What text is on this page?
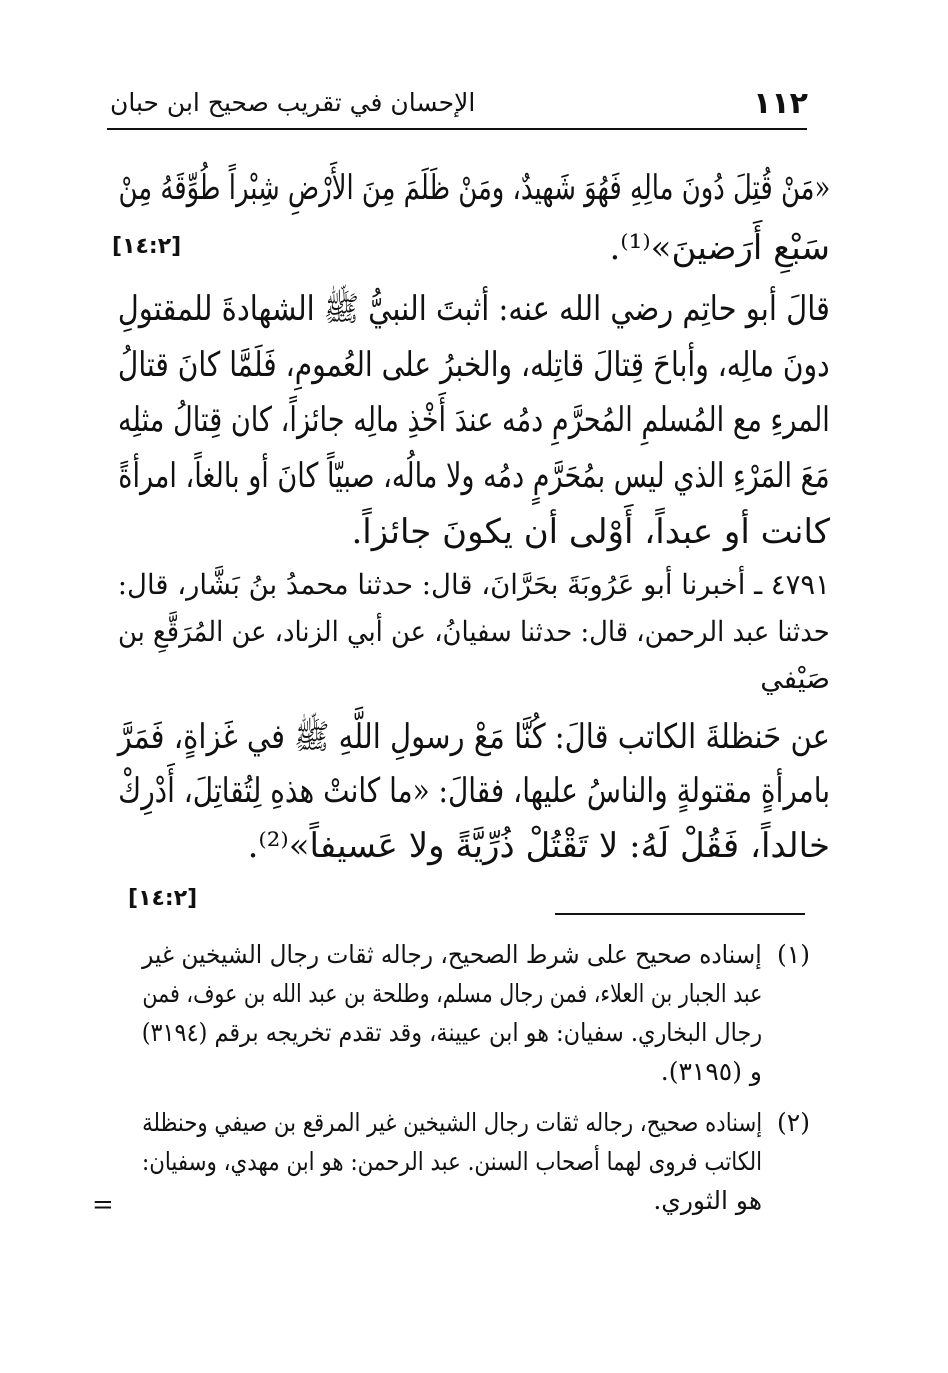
١١٢
الإحسان في تقريب صحيح ابن حبان
«مَنْ قُتِلَ دُونَ مالِهِ فَهُوَ شَهيدٌ، ومَنْ ظَلَمَ مِنَ الأَرْضِ شِبْراً طُوِّقَهُ مِنْ
سَبْعِ أَرَضينَ»⁽¹⁾.
[١٤:٢]
قالَ أبو حاتِم رضي الله عنه: أثبتَ النبيُّ ﷺ الشهادةَ للمقتولِ
دونَ مالِه، وأباحَ قِتالَ قاتِله، والخبرُ على العُمومِ، فَلَمَّا كانَ قتالُ
المرءِ مع المُسلمِ المُحرَّمِ دمُه عندَ أَخْذِ مالِه جائزاً، كان قِتالُ مثلِه
مَعَ المَرْءِ الذي ليس بمُحَرَّمٍ دمُه ولا مالُه، صبيّاً كانَ أو بالغاً، امرأةً
كانت أو عبداً، أَوْلى أن يكونَ جائزاً.
٤٧٩١ ـ أخبرنا أبو عَرُوبَةَ بحَرَّانَ، قال: حدثنا محمدُ بنُ بَشَّار، قال:
حدثنا عبد الرحمن، قال: حدثنا سفيانُ، عن أبي الزناد، عن المُرَقَّعِ بن
صَيْفي
عن حَنظلةَ الكاتب قالَ: كُنَّا مَعْ رسولِ اللَّهِ ﷺ في غَزاةٍ، فَمَرَّ
بامرأةٍ مقتولةٍ والناسُ عليها، فقالَ: «ما كانتْ هذهِ لِتُقاتِلَ، أَدْرِكْ
خالداً، فَقُلْ لَهُ: لا تَقْتُلْ ذُرِّيَّةً ولا عَسيفاً»⁽²⁾.
[١٤:٢]
(١)
إسناده صحيح على شرط الصحيح، رجاله ثقات رجال الشيخين غير
عبد الجبار بن العلاء، فمن رجال مسلم، وطلحة بن عبد الله بن عوف، فمن
رجال البخاري. سفيان: هو ابن عيينة، وقد تقدم تخريجه برقم (٣١٩٤)
و (٣١٩٥).
(٢)
إسناده صحيح، رجاله ثقات رجال الشيخين غير المرقع بن صيفي وحنظلة
الكاتب فروى لهما أصحاب السنن. عبد الرحمن: هو ابن مهدي، وسفيان:
هو الثوري.
=
